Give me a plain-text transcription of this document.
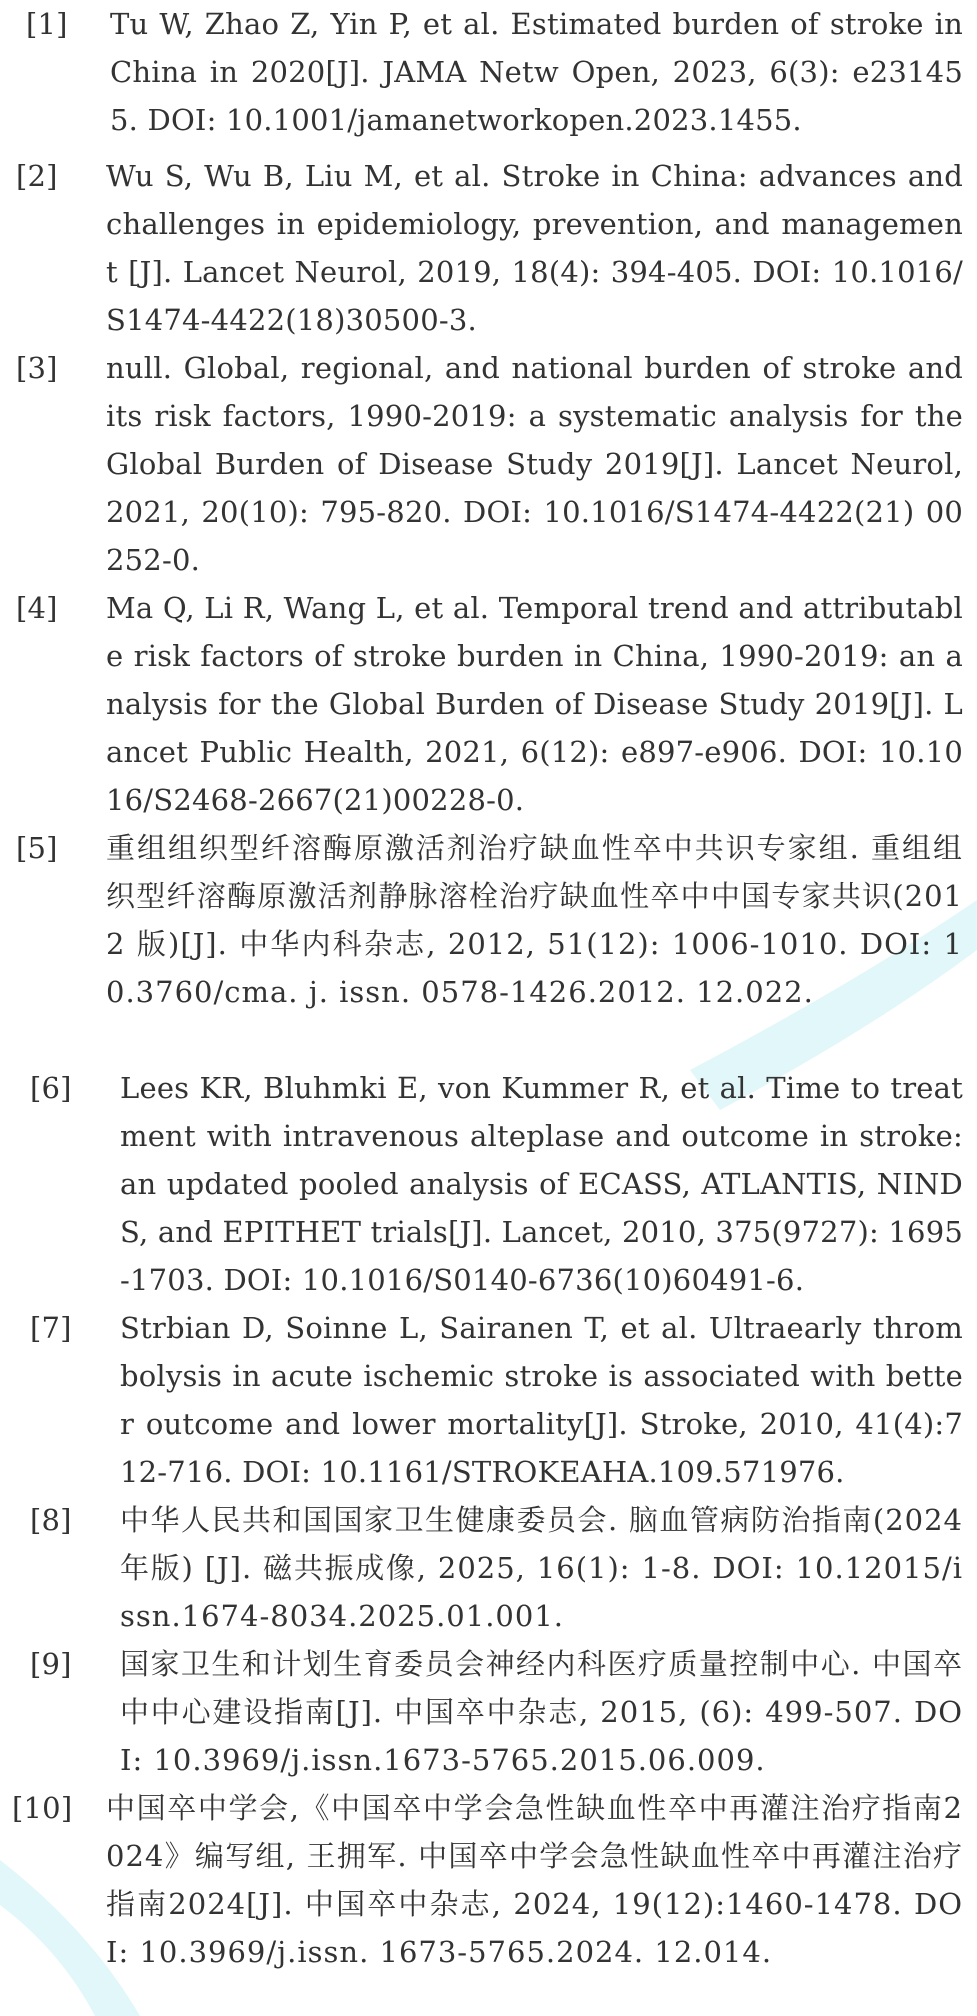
[1] Tu W, Zhao Z, Yin P, et al. Estimated burden of stroke in China in 2020[J]. JAMA Netw Open, 2023, 6(3): e231455. DOI: 10.1001/jamanetworkopen.2023.1455.
[2] Wu S, Wu B, Liu M, et al. Stroke in China: advances and challenges in epidemiology, prevention, and management [J]. Lancet Neurol, 2019, 18(4): 394-405. DOI: 10.1016/ S1474-4422(18)30500-3.
[3] null. Global, regional, and national burden of stroke and its risk factors, 1990-2019: a systematic analysis for the Global Burden of Disease Study 2019[J]. Lancet Neurol, 2021, 20(10): 795-820. DOI: 10.1016/S1474-4422(21) 00252-0.
[4] Ma Q, Li R, Wang L, et al. Temporal trend and attributable risk factors of stroke burden in China, 1990-2019: an analysis for the Global Burden of Disease Study 2019[J]. Lancet Public Health, 2021, 6(12): e897-e906. DOI: 10.1016/S2468-2667(21)00228-0.
[5] 重组组织型纤溶酶原激活剂治疗缺血性卒中共识专家组. 重组组织型纤溶酶原激活剂静脉溶栓治疗缺血性卒中中国专家共识(2012 版)[J]. 中华内科杂志, 2012, 51(12): 1006-1010. DOI: 10.3760/cma. j. issn. 0578-1426.2012. 12.022.
[6] Lees KR, Bluhmki E, von Kummer R, et al. Time to treatment with intravenous alteplase and outcome in stroke: an updated pooled analysis of ECASS, ATLANTIS, NINDS, and EPITHET trials[J]. Lancet, 2010, 375(9727): 1695-1703. DOI: 10.1016/S0140-6736(10)60491-6.
[7] Strbian D, Soinne L, Sairanen T, et al. Ultraearly thrombolysis in acute ischemic stroke is associated with better outcome and lower mortality[J]. Stroke, 2010, 41(4):712-716. DOI: 10.1161/STROKEAHA.109.571976.
[8] 中华人民共和国国家卫生健康委员会. 脑血管病防治指南(2024 年版) [J]. 磁共振成像, 2025, 16(1): 1-8. DOI: 10.12015/issn.1674-8034.2025.01.001.
[9] 国家卫生和计划生育委员会神经内科医疗质量控制中心. 中国卒中中心建设指南[J]. 中国卒中杂志, 2015, (6): 499-507. DOI: 10.3969/j.issn.1673-5765.2015.06.009.
[10] 中国卒中学会,《中国卒中学会急性缺血性卒中再灌注治疗指南2024》编写组, 王拥军. 中国卒中学会急性缺血性卒中再灌注治疗指南2024[J]. 中国卒中杂志, 2024, 19(12):1460-1478. DOI: 10.3969/j.issn. 1673-5765.2024. 12.014.
